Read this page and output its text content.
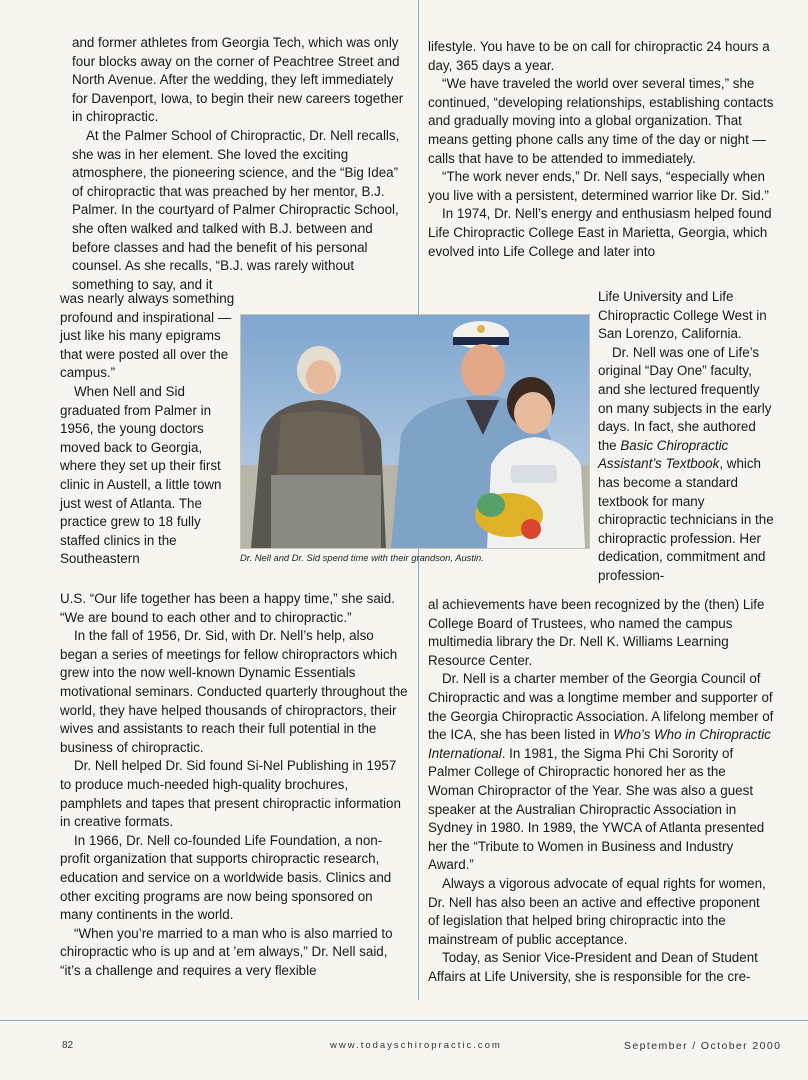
and former athletes from Georgia Tech, which was only four blocks away on the corner of Peachtree Street and North Avenue. After the wedding, they left immediately for Davenport, Iowa, to begin their new careers together in chiropractic.

At the Palmer School of Chiropractic, Dr. Nell recalls, she was in her element. She loved the exciting atmosphere, the pioneering science, and the “Big Idea” of chiropractic that was preached by her mentor, B.J. Palmer. In the courtyard of Palmer Chiropractic School, she often walked and talked with B.J. between and before classes and had the benefit of his personal counsel. As she recalls, “B.J. was rarely without something to say, and it

was nearly always something profound and inspirational — just like his many epigrams that were posted all over the campus.”

When Nell and Sid graduated from Palmer in 1956, the young doctors moved back to Georgia, where they set up their first clinic in Austell, a little town just west of Atlanta. The practice grew to 18 fully staffed clinics in the Southeastern

U.S. “Our life together has been a happy time,” she said. “We are bound to each other and to chiropractic.”

In the fall of 1956, Dr. Sid, with Dr. Nell’s help, also began a series of meetings for fellow chiropractors which grew into the now well-known Dynamic Essentials motivational seminars. Conducted quarterly throughout the world, they have helped thousands of chiropractors, their wives and assistants to reach their full potential in the business of chiropractic.

Dr. Nell helped Dr. Sid found Si-Nel Publishing in 1957 to produce much-needed high-quality brochures, pamphlets and tapes that present chiropractic information in creative formats.

In 1966, Dr. Nell co-founded Life Foundation, a non-profit organization that supports chiropractic research, education and service on a worldwide basis. Clinics and other exciting programs are now being sponsored on many continents in the world.

“When you’re married to a man who is also married to chiropractic who is up and at ’em always,” Dr. Nell said, “it’s a challenge and requires a very flexible

lifestyle. You have to be on call for chiropractic 24 hours a day, 365 days a year.

“We have traveled the world over several times,” she continued, “developing relationships, establishing contacts and gradually moving into a global organization. That means getting phone calls any time of the day or night — calls that have to be attended to immediately.

“The work never ends,” Dr. Nell says, “especially when you live with a persistent, determined warrior like Dr. Sid.”

In 1974, Dr. Nell’s energy and enthusiasm helped found Life Chiropractic College East in Marietta, Georgia, which evolved into Life College and later into

Life University and Life Chiropractic College West in San Lorenzo, California.

Dr. Nell was one of Life’s original “Day One” faculty, and she lectured frequently on many subjects in the early days. In fact, she authored the Basic Chiropractic Assistant’s Textbook, which has become a standard textbook for many chiropractic technicians in the chiropractic profession. Her dedication, commitment and profession-

al achievements have been recognized by the (then) Life College Board of Trustees, who named the campus multimedia library the Dr. Nell K. Williams Learning Resource Center.

Dr. Nell is a charter member of the Georgia Council of Chiropractic and was a longtime member and supporter of the Georgia Chiropractic Association. A lifelong member of the ICA, she has been listed in Who’s Who in Chiropractic International. In 1981, the Sigma Phi Chi Sorority of Palmer College of Chiropractic honored her as the Woman Chiropractor of the Year. She was also a guest speaker at the Australian Chiropractic Association in Sydney in 1980. In 1989, the YWCA of Atlanta presented her the “Tribute to Women in Business and Industry Award.”

Always a vigorous advocate of equal rights for women, Dr. Nell has also been an active and effective proponent of legislation that helped bring chiropractic into the mainstream of public acceptance.

Today, as Senior Vice-President and Dean of Student Affairs at Life University, she is responsible for the cre-

Dr. Nell and Dr. Sid spend time with their grandson, Austin.
82	www.todayschiropractic.com	September / October 2000
